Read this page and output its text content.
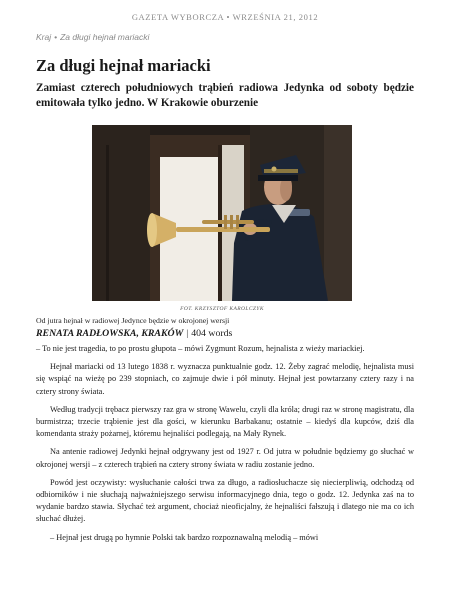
GAZETA WYBORCZA • WRZEŚNIA 21, 2012
Kraj • Za długi hejnał mariacki
Za długi hejnał mariacki

Zamiast czterech południowych trąbień radiowa Jedynka od soboty będzie emitowała tylko jedno. W Krakowie oburzenie

FOT. KRZYSZTOF KAROLCZYK
Od jutra hejnał w radiowej Jedynce będzie w okrojonej wersji
RENATA RADŁOWSKA, KRAKÓW | 404 words

– To nie jest tragedia, to po prostu głupota – mówi Zygmunt Rozum, hejnalista z wieży mariackiej.

Hejnał mariacki od 13 lutego 1838 r. wyznacza punktualnie godz. 12. Żeby zagrać melodię, hejnalista musi się wspiąć na wieżę po 239 stopniach, co zajmuje dwie i pół minuty. Hejnał jest powtarzany cztery razy i na cztery strony świata.

Według tradycji trębacz pierwszy raz gra w stronę Wawelu, czyli dla króla; drugi raz w stronę magistratu, dla burmistrza; trzecie trąbienie jest dla gości, w kierunku Barbakanu; ostatnie – kiedyś dla kupców, dziś dla komendanta straży pożarnej, któremu hejnaliści podlegają, na Mały Rynek.

Na antenie radiowej Jedynki hejnał odgrywany jest od 1927 r. Od jutra w południe będziemy go słuchać w okrojonej wersji – z czterech trąbień na cztery strony świata w radiu zostanie jedno.

Powód jest oczywisty: wysłuchanie całości trwa za długo, a radiosłuchacze się niecierpliwią, odchodzą od odbiorników i nie słuchają najważniejszego serwisu informacyjnego dnia, tego o godz. 12. Jedynka zaś na to wydanie bardzo stawia. Słychać też argument, chociaż nieoficjalny, że hejnaliści fałszują i dlatego nie ma co ich słuchać dłużej.

– Hejnał jest drugą po hymnie Polski tak bardzo rozpoznawalną melodią – mówi
